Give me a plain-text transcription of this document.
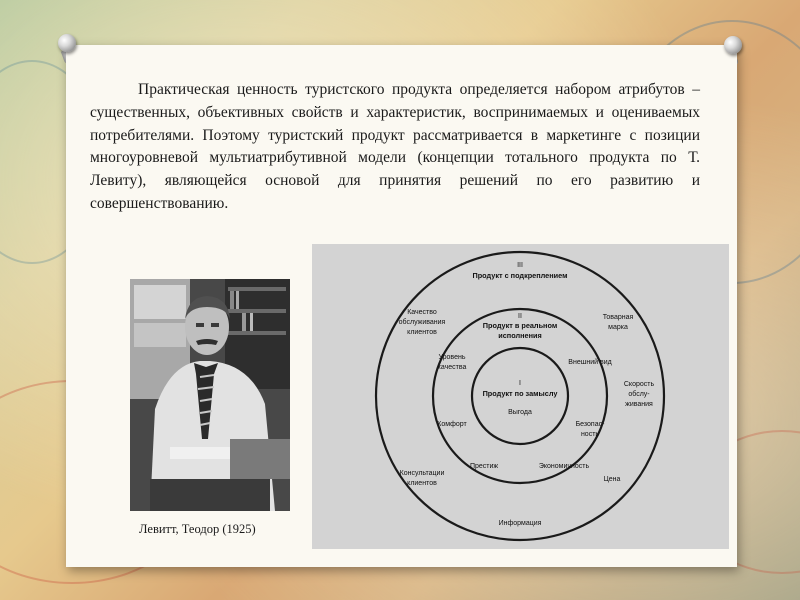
Практическая ценность туристского продукта определяется набором атрибутов – существенных, объективных свойств и характеристик, воспринимаемых и оцениваемых потребителями. Поэтому туристский продукт рассматривается в маркетинге с позиции многоуровневой мультиатрибутивной модели (концепции тотального продукта по Т. Левиту), являющейся основой для принятия решений по его развитию и совершенствованию.

Левитт, Теодор (1925)
III
Продукт с подкреплением
II
Продукт в реальном
исполнения
I
Продукт по замыслу
Выгода
Уровень
качества
Внешний вид
Комфорт	Безопас-
ность
Престиж	Экономичность
Качество
обслуживания
клиентов
Товарная
марка
Скорость
обслу-
живания
Консультации
клиентов
Цена
Информация
